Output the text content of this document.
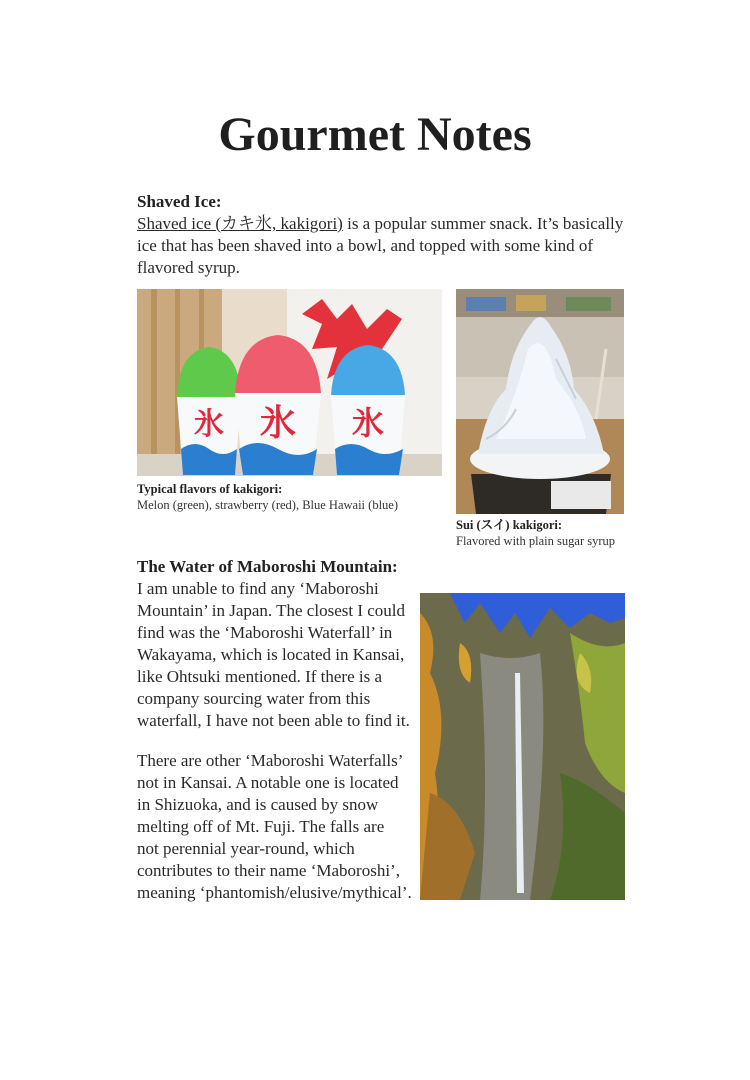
Gourmet Notes
Shaved Ice:
Shaved ice (カキ氷, kakigori) is a popular summer snack. It’s basically
ice that has been shaved into a bowl, and topped with some kind of
flavored syrup.
氷 氷 氷
Typical flavors of kakigori:
Melon (green), strawberry (red), Blue Hawaii (blue)
Sui (スイ) kakigori:
Flavored with plain sugar syrup
The Water of Maboroshi Mountain:
I am unable to find any ‘Maboroshi
Mountain’ in Japan. The closest I could
find was the ‘Maboroshi Waterfall’ in
Wakayama, which is located in Kansai,
like Ohtsuki mentioned. If there is a
company sourcing water from this
waterfall, I have not been able to find it.
There are other ‘Maboroshi Waterfalls’
not in Kansai. A notable one is located
in Shizuoka, and is caused by snow
melting off of Mt. Fuji. The falls are
not perennial year-round, which
contributes to their name ‘Maboroshi’,
meaning ‘phantomish/elusive/mythical’.
